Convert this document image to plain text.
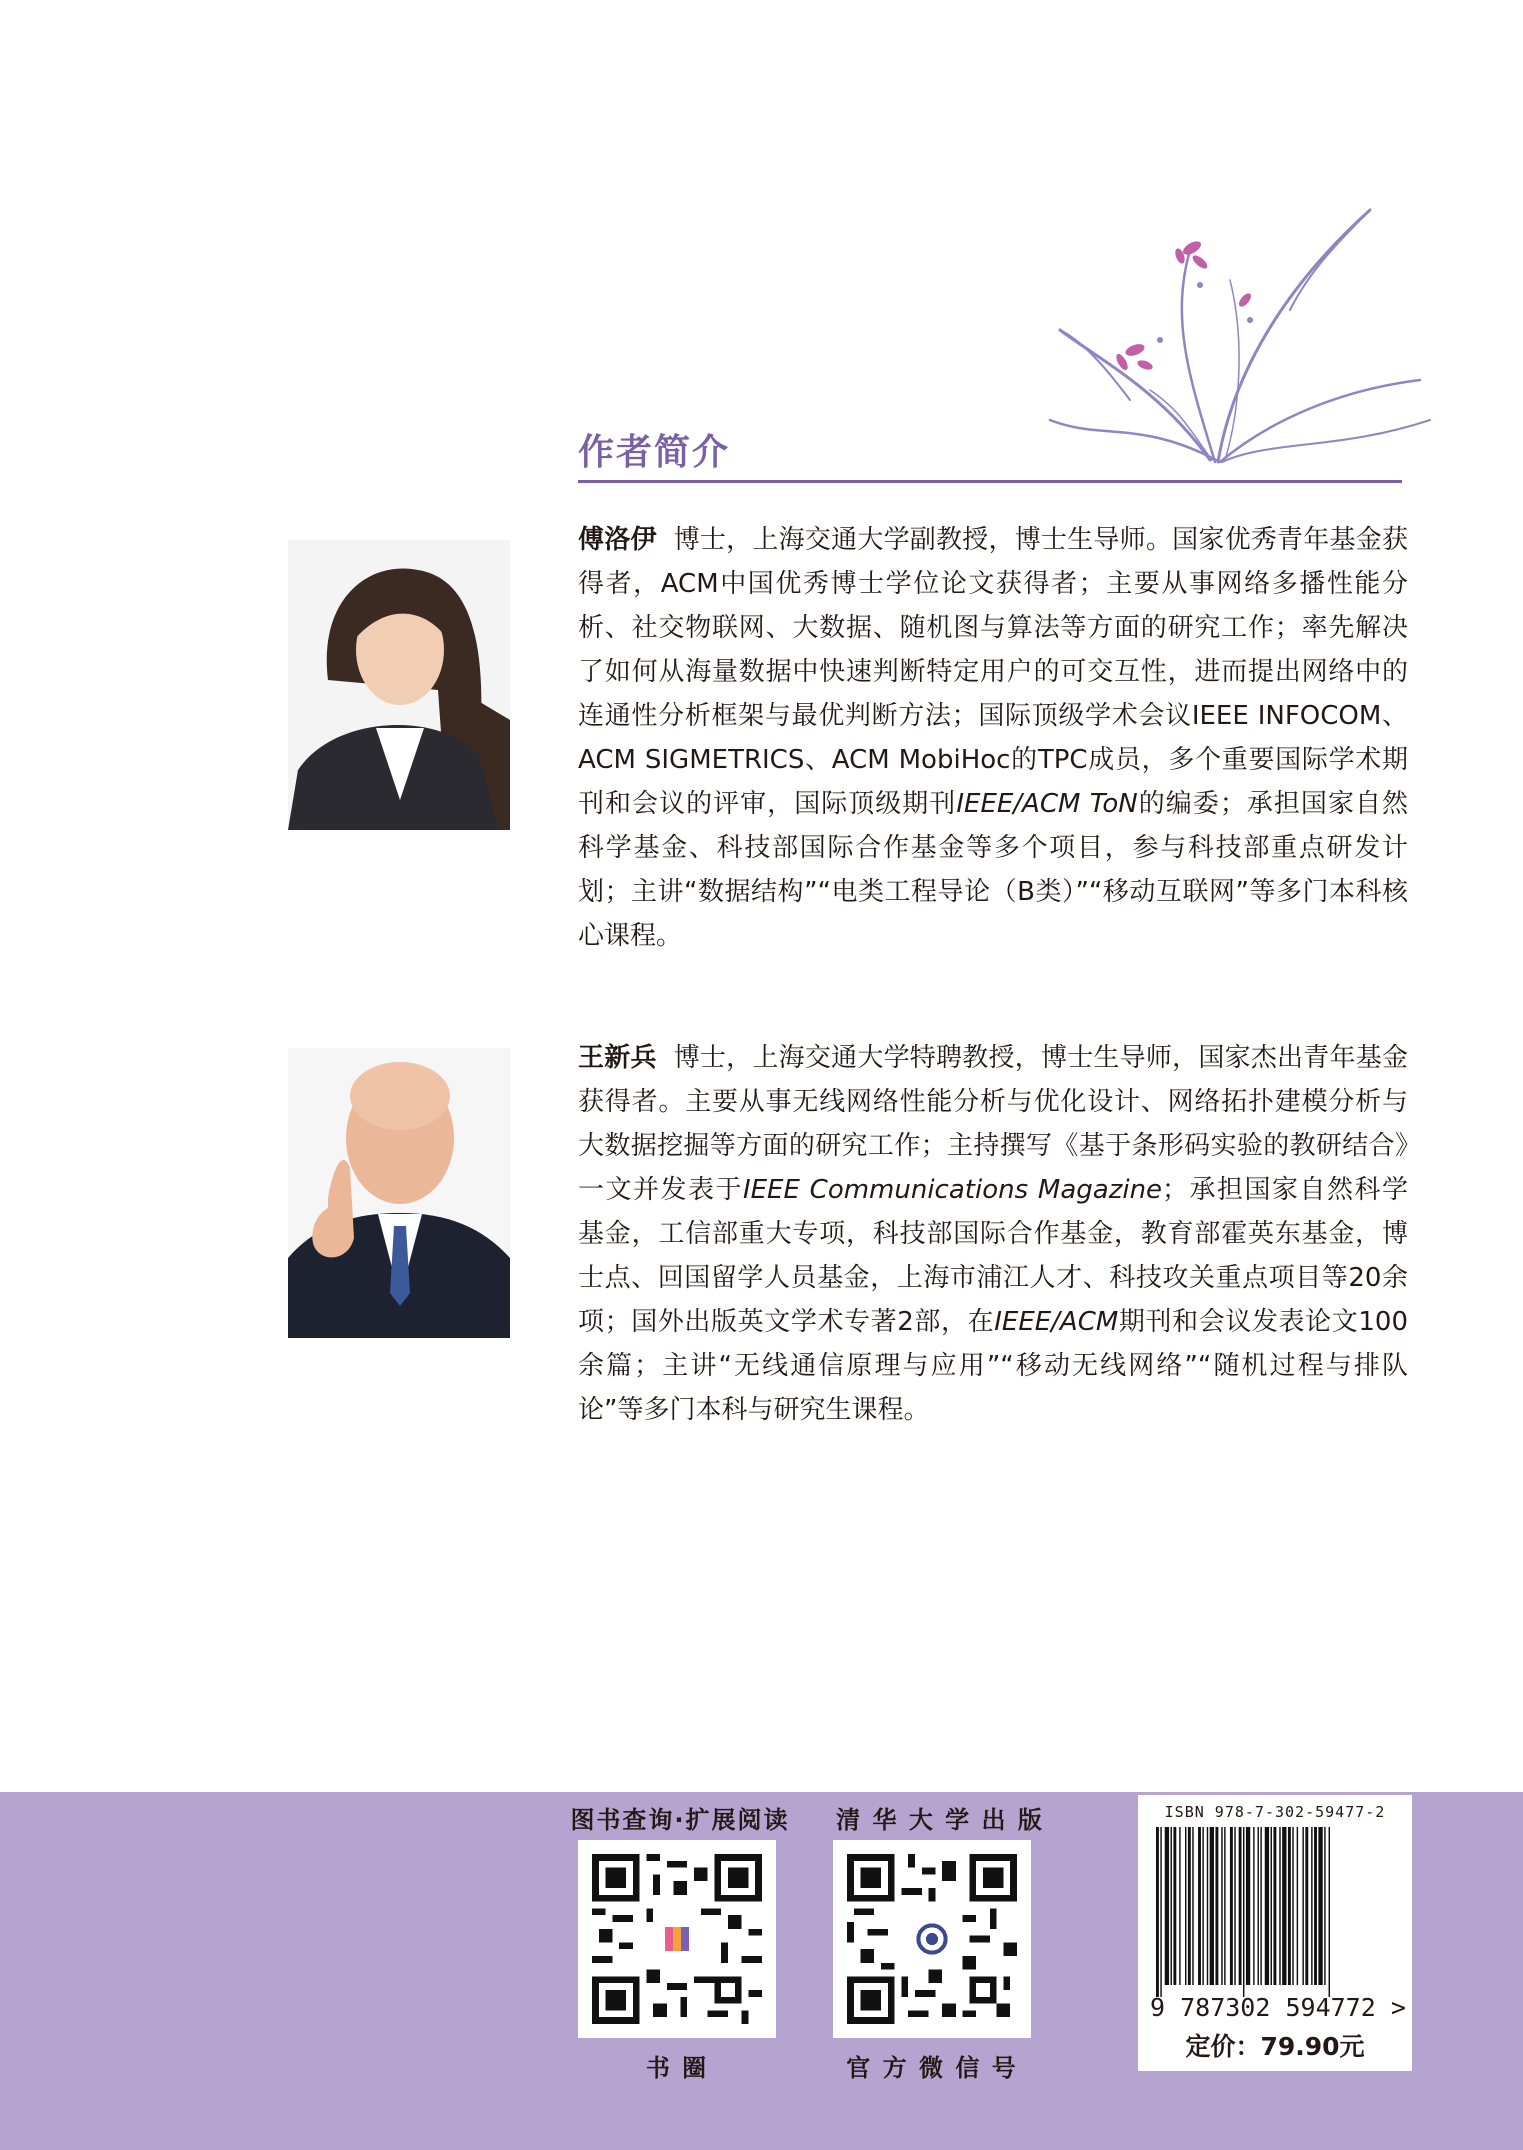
作者简介

傅洛伊 博士，上海交通大学副教授，博士生导师。国家优秀青年基金获得者，ACM中国优秀博士学位论文获得者；主要从事网络多播性能分析、社交物联网、大数据、随机图与算法等方面的研究工作；率先解决了如何从海量数据中快速判断特定用户的可交互性，进而提出网络中的连通性分析框架与最优判断方法；国际顶级学术会议IEEE INFOCOM、ACM SIGMETRICS、ACM MobiHoc的TPC成员，多个重要国际学术期刊和会议的评审，国际顶级期刊IEEE/ACM ToN的编委；承担国家自然科学基金、科技部国际合作基金等多个项目，参与科技部重点研发计划；主讲“数据结构”“电类工程导论（B类）”“移动互联网”等多门本科核心课程。

王新兵 博士，上海交通大学特聘教授，博士生导师，国家杰出青年基金获得者。主要从事无线网络性能分析与优化设计、网络拓扑建模分析与大数据挖掘等方面的研究工作；主持撰写《基于条形码实验的教研结合》一文并发表于IEEE Communications Magazine；承担国家自然科学基金，工信部重大专项，科技部国际合作基金，教育部霍英东基金，博士点、回国留学人员基金，上海市浦江人才、科技攻关重点项目等20余项；国外出版英文学术专著2部，在IEEE/ACM期刊和会议发表论文100余篇；主讲“无线通信原理与应用”“移动无线网络”“随机过程与排队论”等多门本科与研究生课程。

图书查询·扩展阅读
书 圈
清 华 大 学 出 版
官 方 微 信 号
ISBN 978-7-302-59477-2
9 787302 594772 >
定价：79.90元
